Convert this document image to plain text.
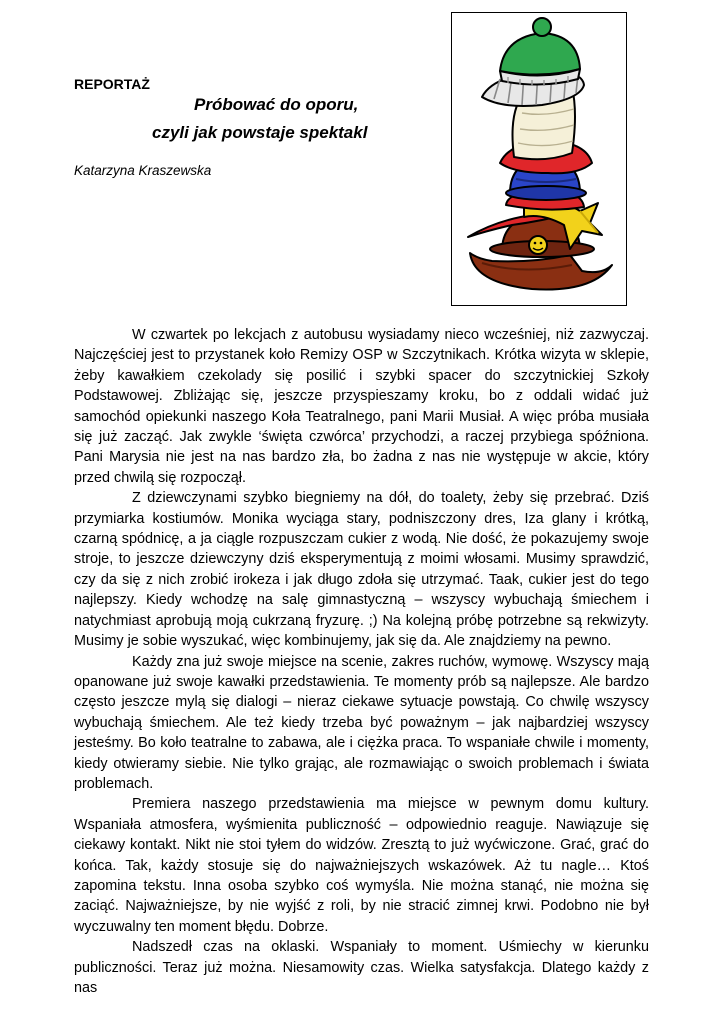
REPORTAŻ
Próbować do oporu,
czyli jak powstaje spektakl
Katarzyna Kraszewska

W czwartek po lekcjach z autobusu wysiadamy nieco wcześniej, niż zazwyczaj. Najczęściej jest to przystanek koło Remizy OSP w Szczytnikach. Krótka wizyta w sklepie, żeby kawałkiem czekolady się posilić i szybki spacer do szczytnickiej Szkoły Podstawowej. Zbliżając się, jeszcze przyspieszamy kroku, bo z oddali widać już samochód opiekunki naszego Koła Teatralnego, pani Marii Musiał. A więc próba musiała się już zacząć. Jak zwykle ‘święta czwórca’ przychodzi, a raczej przybiega spóźniona. Pani Marysia nie jest na nas bardzo zła, bo żadna z nas nie występuje w akcie, który przed chwilą się rozpoczął.

Z dziewczynami szybko biegniemy na dół, do toalety, żeby się przebrać. Dziś przymiarka kostiumów. Monika wyciąga stary, podniszczony dres, Iza glany i krótką, czarną spódnicę, a ja ciągle rozpuszczam cukier z wodą. Nie dość, że pokazujemy swoje stroje, to jeszcze dziewczyny dziś eksperymentują z moimi włosami. Musimy sprawdzić, czy da się z nich zrobić irokeza i jak długo zdoła się utrzymać. Taak, cukier jest do tego najlepszy. Kiedy wchodzę na salę gimnastyczną – wszyscy wybuchają śmiechem i natychmiast aprobują moją cukrzaną fryzurę. ;) Na kolejną próbę potrzebne są rekwizyty. Musimy je sobie wyszukać, więc kombinujemy, jak się da. Ale znajdziemy na pewno.

Każdy zna już swoje miejsce na scenie, zakres ruchów, wymowę. Wszyscy mają opanowane już swoje kawałki przedstawienia. Te momenty prób są najlepsze. Ale bardzo często jeszcze mylą się dialogi – nieraz ciekawe sytuacje powstają. Co chwilę wszyscy wybuchają śmiechem. Ale też kiedy trzeba być poważnym – jak najbardziej wszyscy jesteśmy. Bo koło teatralne to zabawa, ale i ciężka praca. To wspaniałe chwile i momenty, kiedy otwieramy siebie. Nie tylko grając, ale rozmawiając o swoich problemach i świata problemach.

Premiera naszego przedstawienia ma miejsce w pewnym domu kultury. Wspaniała atmosfera, wyśmienita publiczność – odpowiednio reaguje. Nawiązuje się ciekawy kontakt. Nikt nie stoi tyłem do widzów. Zresztą to już wyćwiczone. Grać, grać do końca. Tak, każdy stosuje się do najważniejszych wskazówek. Aż tu nagle… Ktoś zapomina tekstu. Inna osoba szybko coś wymyśla. Nie można stanąć, nie można się zaciąć. Najważniejsze, by nie wyjść z roli, by nie stracić zimnej krwi. Podobno nie był wyczuwalny ten moment błędu. Dobrze.

Nadszedł czas na oklaski. Wspaniały to moment. Uśmiechy w kierunku publiczności. Teraz już można. Niesamowity czas. Wielka satysfakcja. Dlatego każdy z nas
